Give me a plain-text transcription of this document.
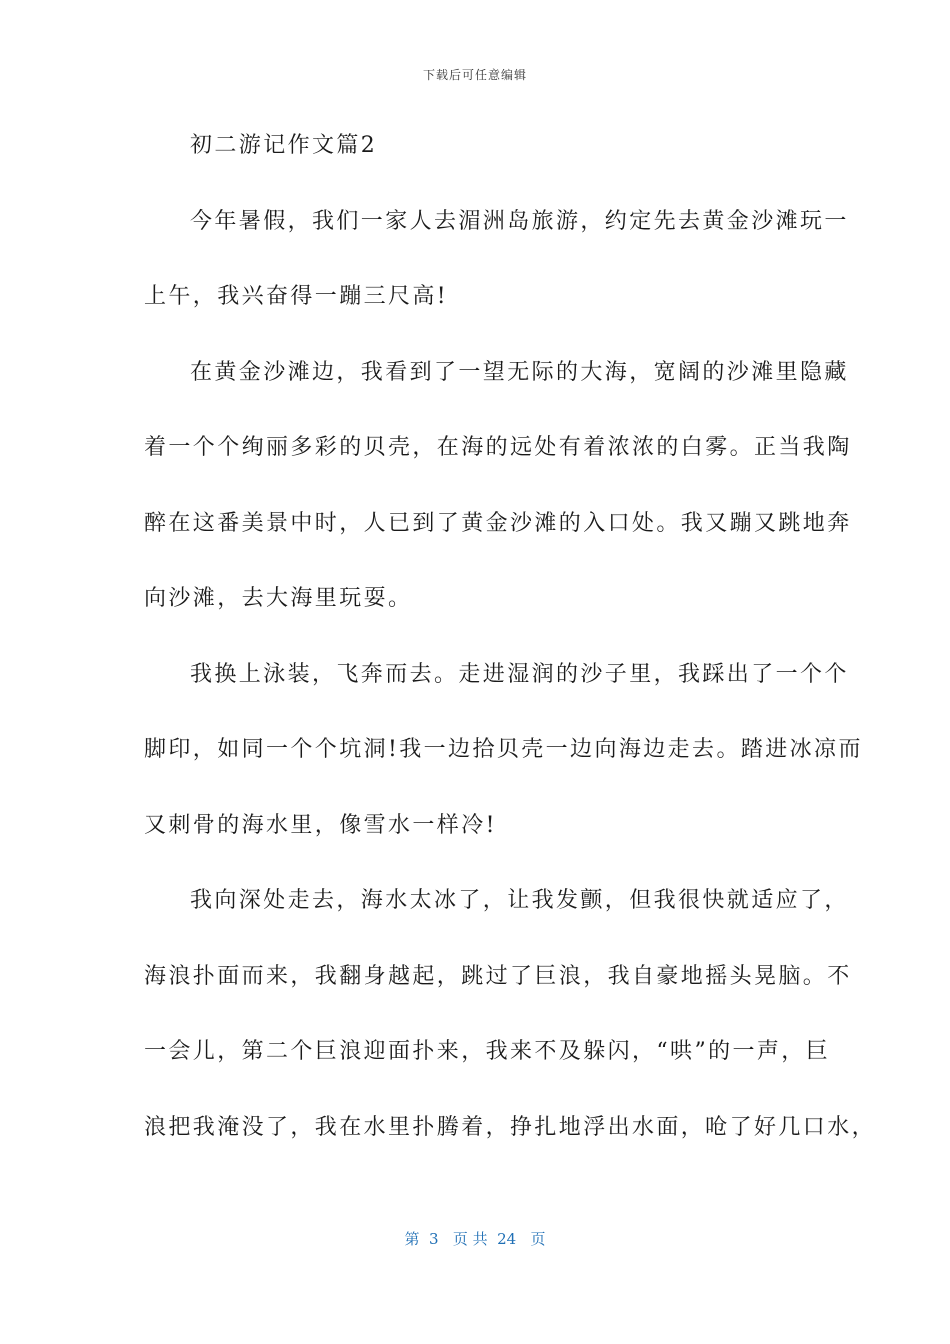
下载后可任意编辑
初二游记作文篇2
今年暑假，我们一家人去湄洲岛旅游，约定先去黄金沙滩玩一
上午，我兴奋得一蹦三尺高!
在黄金沙滩边，我看到了一望无际的大海，宽阔的沙滩里隐藏
着一个个绚丽多彩的贝壳，在海的远处有着浓浓的白雾。正当我陶
醉在这番美景中时，人已到了黄金沙滩的入口处。我又蹦又跳地奔
向沙滩，去大海里玩耍。
我换上泳装，飞奔而去。走进湿润的沙子里，我踩出了一个个
脚印，如同一个个坑洞!我一边拾贝壳一边向海边走去。踏进冰凉而
又刺骨的海水里，像雪水一样冷!
我向深处走去，海水太冰了，让我发颤，但我很快就适应了，
海浪扑面而来，我翻身越起，跳过了巨浪，我自豪地摇头晃脑。不
一会儿，第二个巨浪迎面扑来，我来不及躲闪，“哄”的一声，巨
浪把我淹没了，我在水里扑腾着，挣扎地浮出水面，呛了好几口水，
第  3   页 共  24   页
